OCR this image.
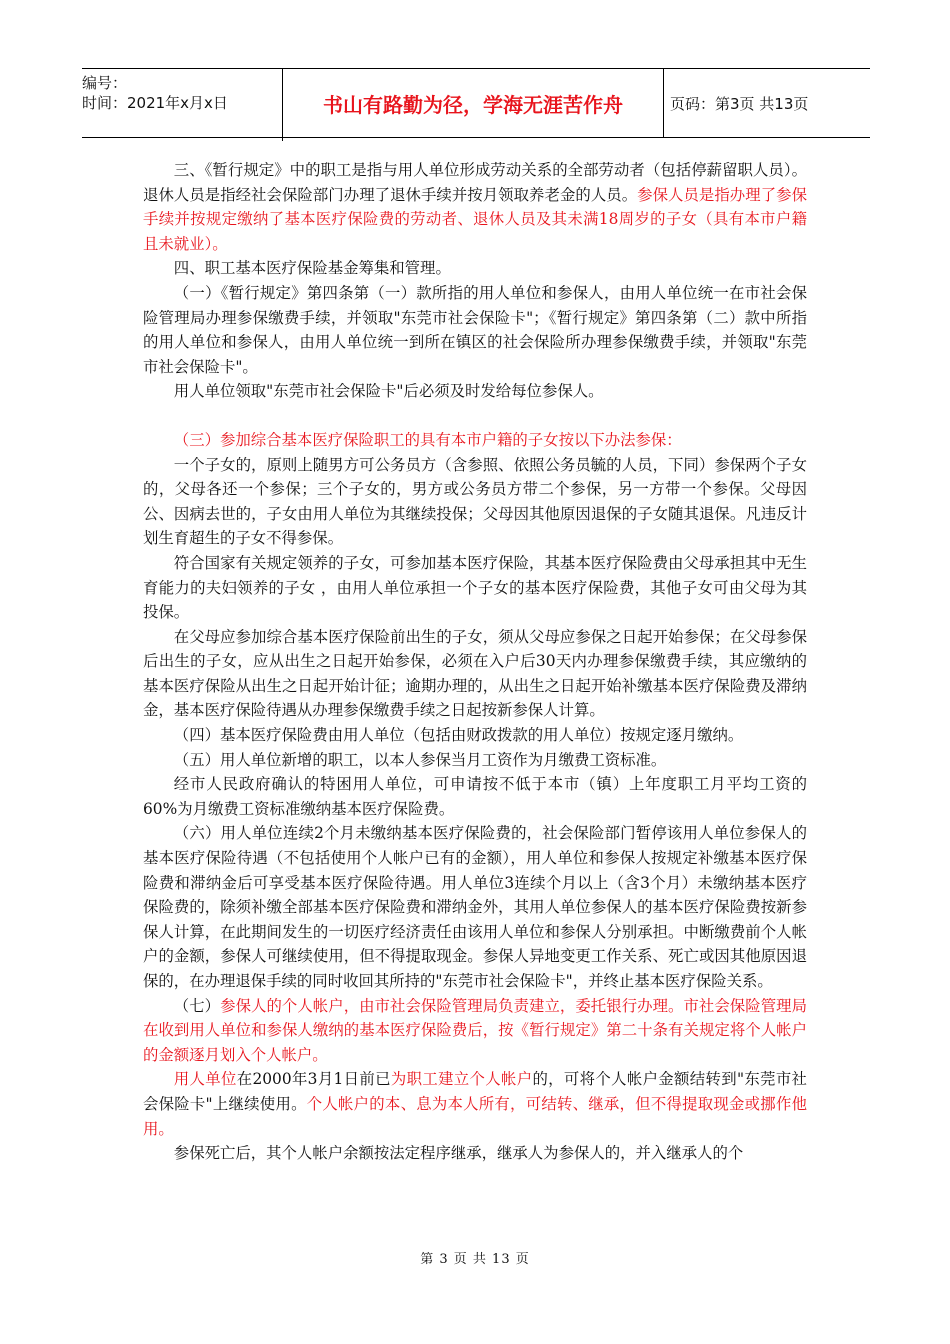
编号：
时间：2021年x月x日	书山有路勤为径，学海无涯苦作舟	页码：第3页 共13页

三、《暂行规定》中的职工是指与用人单位形成劳动关系的全部劳动者（包括停薪留职人员）。退休人员是指经社会保险部门办理了退休手续并按月领取养老金的人员。参保人员是指办理了参保手续并按规定缴纳了基本医疗保险费的劳动者、退休人员及其未满18周岁的子女（具有本市户籍且未就业）。

四、职工基本医疗保险基金筹集和管理。

（一）《暂行规定》第四条第（一）款所指的用人单位和参保人，由用人单位统一在市社会保险管理局办理参保缴费手续，并领取"东莞市社会保险卡"；《暂行规定》第四条第（二）款中所指的用人单位和参保人，由用人单位统一到所在镇区的社会保险所办理参保缴费手续，并领取"东莞市社会保险卡"。

用人单位领取"东莞市社会保险卡"后必须及时发给每位参保人。

（三）参加综合基本医疗保险职工的具有本市户籍的子女按以下办法参保：

一个子女的，原则上随男方可公务员方（含参照、依照公务员毓的人员，下同）参保两个子女的，父母各还一个参保；三个子女的，男方或公务员方带二个参保，另一方带一个参保。父母因公、因病去世的，子女由用人单位为其继续投保；父母因其他原因退保的子女随其退保。凡违反计划生育超生的子女不得参保。

符合国家有关规定领养的子女，可参加基本医疗保险，其基本医疗保险费由父母承担其中无生育能力的夫妇领养的子女 ，由用人单位承担一个子女的基本医疗保险费，其他子女可由父母为其投保。

在父母应参加综合基本医疗保险前出生的子女，须从父母应参保之日起开始参保；在父母参保后出生的子女，应从出生之日起开始参保，必须在入户后30天内办理参保缴费手续，其应缴纳的基本医疗保险从出生之日起开始计征；逾期办理的，从出生之日起开始补缴基本医疗保险费及滞纳金，基本医疗保险待遇从办理参保缴费手续之日起按新参保人计算。

（四）基本医疗保险费由用人单位（包括由财政拨款的用人单位）按规定逐月缴纳。

（五）用人单位新增的职工，以本人参保当月工资作为月缴费工资标准。

经市人民政府确认的特困用人单位，可申请按不低于本市（镇）上年度职工月平均工资的60%为月缴费工资标准缴纳基本医疗保险费。

（六）用人单位连续2个月未缴纳基本医疗保险费的，社会保险部门暂停该用人单位参保人的基本医疗保险待遇（不包括使用个人帐户已有的金额），用人单位和参保人按规定补缴基本医疗保险费和滞纳金后可享受基本医疗保险待遇。用人单位3连续个月以上（含3个月）未缴纳基本医疗保险费的，除须补缴全部基本医疗保险费和滞纳金外，其用人单位参保人的基本医疗保险费按新参保人计算，在此期间发生的一切医疗经济责任由该用人单位和参保人分别承担。中断缴费前个人帐户的金额，参保人可继续使用，但不得提取现金。参保人异地变更工作关系、死亡或因其他原因退保的，在办理退保手续的同时收回其所持的"东莞市社会保险卡"，并终止基本医疗保险关系。

（七）参保人的个人帐户，由市社会保险管理局负责建立，委托银行办理。市社会保险管理局在收到用人单位和参保人缴纳的基本医疗保险费后，按《暂行规定》第二十条有关规定将个人帐户的金额逐月划入个人帐户。

用人单位在2000年3月1日前已为职工建立个人帐户的，可将个人帐户金额结转到"东莞市社会保险卡"上继续使用。个人帐户的本、息为本人所有，可结转、继承，但不得提取现金或挪作他用。

参保死亡后，其个人帐户余额按法定程序继承，继承人为参保人的，并入继承人的个

第 3 页 共 13 页
